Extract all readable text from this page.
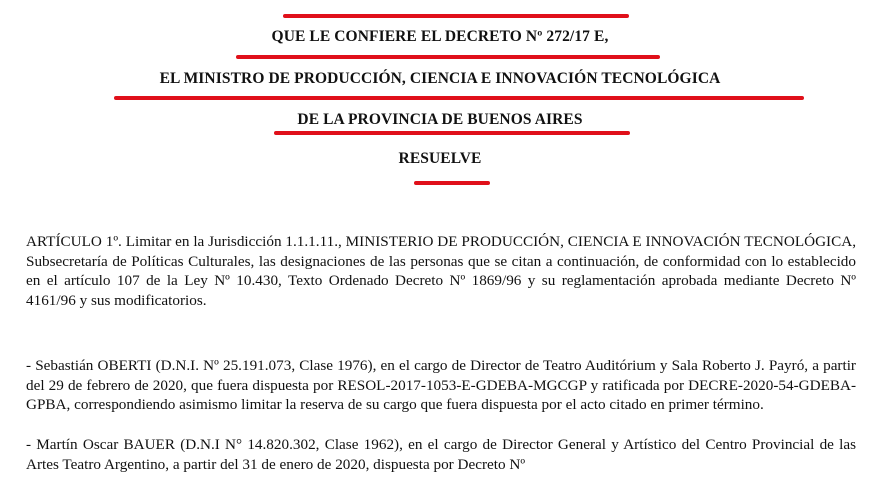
QUE LE CONFIERE EL DECRETO Nº 272/17 E,
EL MINISTRO DE PRODUCCIÓN, CIENCIA E INNOVACIÓN TECNOLÓGICA
DE LA PROVINCIA DE BUENOS AIRES
RESUELVE
ARTÍCULO 1º. Limitar en la Jurisdicción 1.1.1.11., MINISTERIO DE PRODUCCIÓN, CIENCIA E INNOVACIÓN TECNOLÓGICA, Subsecretaría de Políticas Culturales, las designaciones de las personas que se citan a continuación, de conformidad con lo establecido en el artículo 107 de la Ley Nº 10.430, Texto Ordenado Decreto Nº 1869/96 y su reglamentación aprobada mediante Decreto Nº 4161/96 y sus modificatorios.
- Sebastián OBERTI (D.N.I. Nº 25.191.073, Clase 1976), en el cargo de Director de Teatro Auditórium y Sala Roberto J. Payró, a partir del 29 de febrero de 2020, que fuera dispuesta por RESOL-2017-1053-E-GDEBA-MGCGP y ratificada por DECRE-2020-54-GDEBA-GPBA, correspondiendo asimismo limitar la reserva de su cargo que fuera dispuesta por el acto citado en primer término.
- Martín Oscar BAUER (D.N.I N° 14.820.302, Clase 1962), en el cargo de Director General y Artístico del Centro Provincial de las Artes Teatro Argentino, a partir del 31 de enero de 2020, dispuesta por Decreto Nº
